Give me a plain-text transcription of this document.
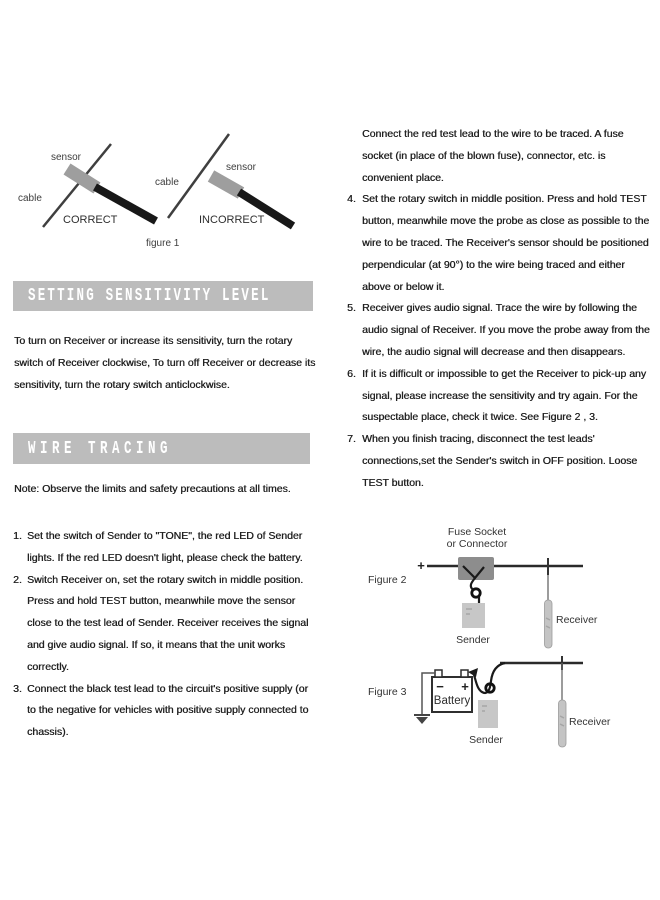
sensor
cable
CORRECT
cable
sensor
INCORRECT
figure 1
SETTING SENSITIVITY LEVEL
To turn on Receiver or increase its sensitivity, turn the rotary switch of Receiver clockwise, To turn off Receiver or decrease its sensitivity, turn the rotary switch anticlockwise.
WIRE TRACING
Note: Observe the limits and safety precautions at all times.
1. Set the switch of Sender to "TONE", the red LED of Sender lights. If the red LED doesn't light, please check the battery.
2. Switch Receiver on, set the rotary switch in middle position. Press and hold TEST button, meanwhile move the sensor close to the test lead of Sender. Receiver receives the signal and give audio signal. If so, it means that the unit works correctly.
3. Connect the black test lead to the circuit's positive supply (or to the negative for vehicles with positive supply connected to chassis).
Connect the red test lead to the wire to be traced. A fuse socket (in place of the blown fuse), connector, etc. is convenient place.
4. Set the rotary switch in middle position. Press and hold TEST button, meanwhile move the probe as close as possible to the wire to be traced. The Receiver's sensor should be positioned perpendicular (at 90°) to the wire being traced and either above or below it.
5. Receiver gives audio signal. Trace the wire by following the audio signal of Receiver. If you move the probe away from the wire, the audio signal will decrease and then disappears.
6. If it is difficult or impossible to get the Receiver to pick-up any signal, please increase the sensitivity and try again. For the suspectable place, check it twice. See Figure 2 , 3.
7. When you finish tracing, disconnect the test leads' connections,set the Sender's switch in OFF position. Loose TEST button.
Fuse Socket
or Connector
+
Sender
Receiver
Figure 2
Figure 3 − +
Battery
Sender
Receiver
